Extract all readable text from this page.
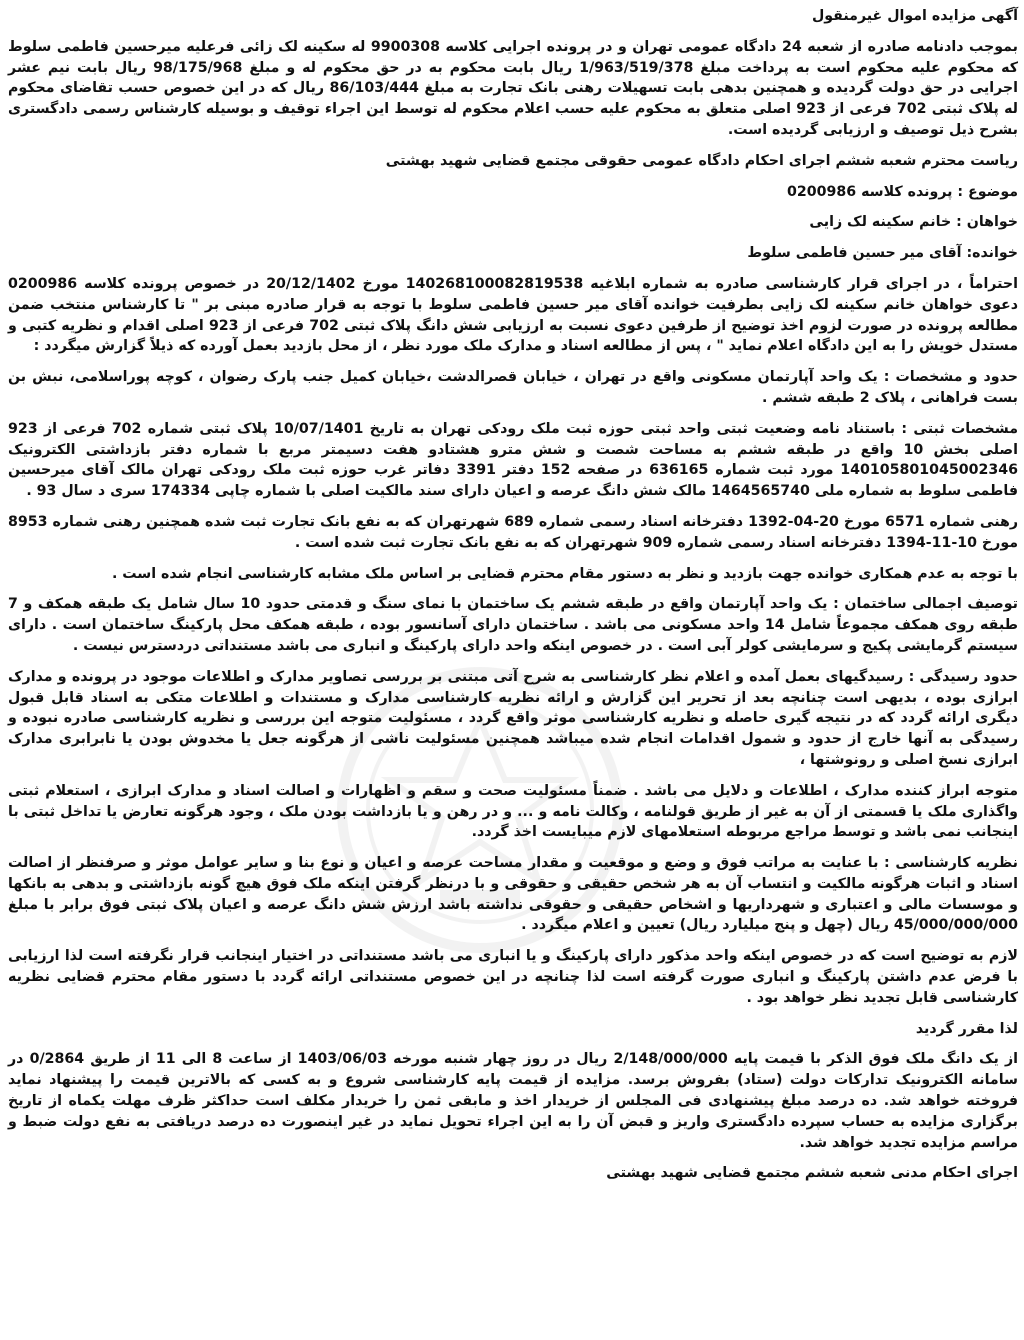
آگهی مزایده اموال غیرمنقول

بموجب دادنامه صادره از شعبه 24 دادگاه عمومی تهران و در پرونده اجرایی کلاسه 9900308 له سکینه لک زائی فرعلیه میرحسین فاطمی سلوط که محکوم علیه محکوم است به پرداخت مبلغ 1/963/519/378 ریال بابت محکوم به در حق محکوم له و مبلغ 98/175/968 ریال بابت نیم عشر اجرایی در حق دولت گردیده و همچنین بدهی بابت تسهیلات رهنی بانک تجارت به مبلغ 86/103/444 ریال که در این خصوص حسب تقاضای محکوم له پلاک ثبتی 702 فرعی از 923 اصلی متعلق به محکوم علیه حسب اعلام محکوم له توسط این اجراء توقیف و بوسیله کارشناس رسمی دادگستری بشرح ذیل توصیف و ارزیابی گردیده است.

ریاست محترم شعبه ششم اجرای احکام دادگاه عمومی حقوقی مجتمع قضایی شهید بهشتی

موضوع : پرونده کلاسه 0200986

خواهان : خانم سکینه لک زایی

خوانده: آقای میر حسین فاطمی سلوط

احتراماً ، در اجرای قرار کارشناسی صادره به شماره ابلاغیه 140268100082819538 مورخ 20/12/1402 در خصوص پرونده کلاسه 0200986 دعوی خواهان خانم سکینه لک زایی بطرفیت خوانده آقای میر حسین فاطمی سلوط با توجه به قرار صادره مبنی بر " تا کارشناس منتخب ضمن مطالعه پرونده در صورت لزوم اخذ توضیح از طرفین دعوی نسبت به ارزیابی شش دانگ پلاک ثبتی 702 فرعی از 923 اصلی اقدام و نظریه کتبی و مستدل خویش را به این دادگاه اعلام نماید " ، پس از مطالعه اسناد و مدارک ملک مورد نظر ، از محل بازدید بعمل آورده که ذیلاً گزارش میگردد :

حدود و مشخصات : یک واحد آپارتمان مسکونی واقع در تهران ، خیابان قصرالدشت ،خیابان کمیل جنب پارک رضوان ، کوچه پوراسلامی، نبش بن بست فراهانی ، پلاک 2 طبقه ششم .

مشخصات ثبتی : باستناد نامه وضعیت ثبتی واحد ثبتی حوزه ثبت ملک رودکی تهران به تاریخ 10/07/1401 پلاک ثبتی شماره 702 فرعی از 923 اصلی بخش 10 واقع در طبقه ششم به مساحت شصت و شش مترو هشتادو هفت دسیمتر مربع با شماره دفتر بازداشتی الکترونیک 140105801045002346 مورد ثبت شماره 636165 در صفحه 152 دفتر 3391 دفاتر غرب حوزه ثبت ملک رودکی تهران مالک آقای میرحسین فاطمی سلوط به شماره ملی 1464565740 مالک شش دانگ عرصه و اعیان دارای سند مالکیت اصلی با شماره چاپی 174334 سری د سال 93 .

رهنی شماره 6571 مورخ 20-04-1392 دفترخانه اسناد رسمی شماره 689 شهرتهران که به نفع بانک تجارت ثبت شده همچنین رهنی شماره 8953 مورخ 10-11-1394 دفترخانه اسناد رسمی شماره 909 شهرتهران که به نفع بانک تجارت ثبت شده است .

با توجه به عدم همکاری خوانده جهت بازدید و نظر به دستور مقام محترم قضایی بر اساس ملک مشابه کارشناسی انجام شده است .

توصیف اجمالی ساختمان : یک واحد آپارتمان واقع در طبقه ششم یک ساختمان با نمای سنگ و قدمتی حدود 10 سال شامل یک طبقه همکف و 7 طبقه روی همکف مجموعاً شامل 14 واحد مسکونی می باشد . ساختمان دارای آسانسور بوده ، طبقه همکف محل پارکینگ ساختمان است . دارای سیستم گرمایشی پکیج و سرمایشی کولر آبی است . در خصوص اینکه واحد دارای پارکینگ و انباری می باشد مستنداتی دردسترس نیست .

حدود رسیدگی : رسیدگیهای بعمل آمده و اعلام نظر کارشناسی به شرح آتی مبتنی بر بررسی تصاویر مدارک و اطلاعات موجود در پرونده و مدارک ابرازی بوده ، بدیهی است چنانچه بعد از تحریر این گزارش و ارائه نظریه کارشناسی مدارک و مستندات و اطلاعات متکی به اسناد قابل قبول دیگری ارائه گردد که در نتیجه گیری حاصله و نظریه کارشناسی موثر واقع گردد ، مسئولیت متوجه این بررسی و نظریه کارشناسی صادره نبوده و رسیدگی به آنها خارج از حدود و شمول اقدامات انجام شده میباشد همچنین مسئولیت ناشی از هرگونه جعل یا مخدوش بودن یا نابرابری مدارک ابرازی نسخ اصلی و رونوشتها ،

متوجه ابراز کننده مدارک ، اطلاعات و دلایل می باشد . ضمناً مسئولیت صحت و سقم و اظهارات و اصالت اسناد و مدارک ابرازی ، استعلام ثبتی واگذاری ملک یا قسمتی از آن به غیر از طریق قولنامه ، وکالت نامه و ... و در رهن و یا بازداشت بودن ملک ، وجود هرگونه تعارض یا تداخل ثبتی با اینجانب نمی باشد و توسط مراجع مربوطه استعلامهای لازم میبایست اخذ گردد.

نظریه کارشناسی : با عنایت به مراتب فوق و وضع و موقعیت و مقدار مساحت عرصه و اعیان و نوع بنا و سایر عوامل موثر و صرفنظر از اصالت اسناد و اثبات هرگونه مالکیت و انتساب آن به هر شخص حقیقی و حقوقی و با درنظر گرفتن اینکه ملک فوق هیچ گونه بازداشتی و بدهی به بانکها و موسسات مالی و اعتباری و شهرداریها و اشخاص حقیقی و حقوقی نداشته باشد ارزش شش دانگ عرصه و اعیان پلاک ثبتی فوق برابر با مبلغ 45/000/000/000 ریال (چهل و پنج میلیارد ریال) تعیین و اعلام میگردد .

لازم به توضیح است که در خصوص اینکه واحد مذکور دارای پارکینگ و یا انباری می باشد مستنداتی در اختیار اینجانب قرار نگرفته است لذا ارزیابی با فرض عدم داشتن پارکینگ و انباری صورت گرفته است لذا چنانچه در این خصوص مستنداتی ارائه گردد با دستور مقام محترم قضایی نظریه کارشناسی قابل تجدید نظر خواهد بود .

لذا مقرر گردید

از یک دانگ ملک فوق الذکر با قیمت پایه 2/148/000/000 ریال در روز چهار شنبه مورخه 1403/06/03 از ساعت 8 الی 11 از طریق 0/2864 در سامانه الکترونیک تدارکات دولت (ستاد) بفروش برسد. مزایده از قیمت پایه کارشناسی شروع و به کسی که بالاترین قیمت را پیشنهاد نماید فروخته خواهد شد. ده درصد مبلغ پیشنهادی فی المجلس از خریدار اخذ و مابقی ثمن را خریدار مکلف است حداکثر ظرف مهلت یکماه از تاریخ برگزاری مزایده به حساب سپرده دادگستری واریز و قبض آن را به این اجراء تحویل نماید در غیر اینصورت ده درصد دریافتی به نفع دولت ضبط و مراسم مزایده تجدید خواهد شد.

اجرای احکام مدنی شعبه ششم مجتمع قضایی شهید بهشتی
